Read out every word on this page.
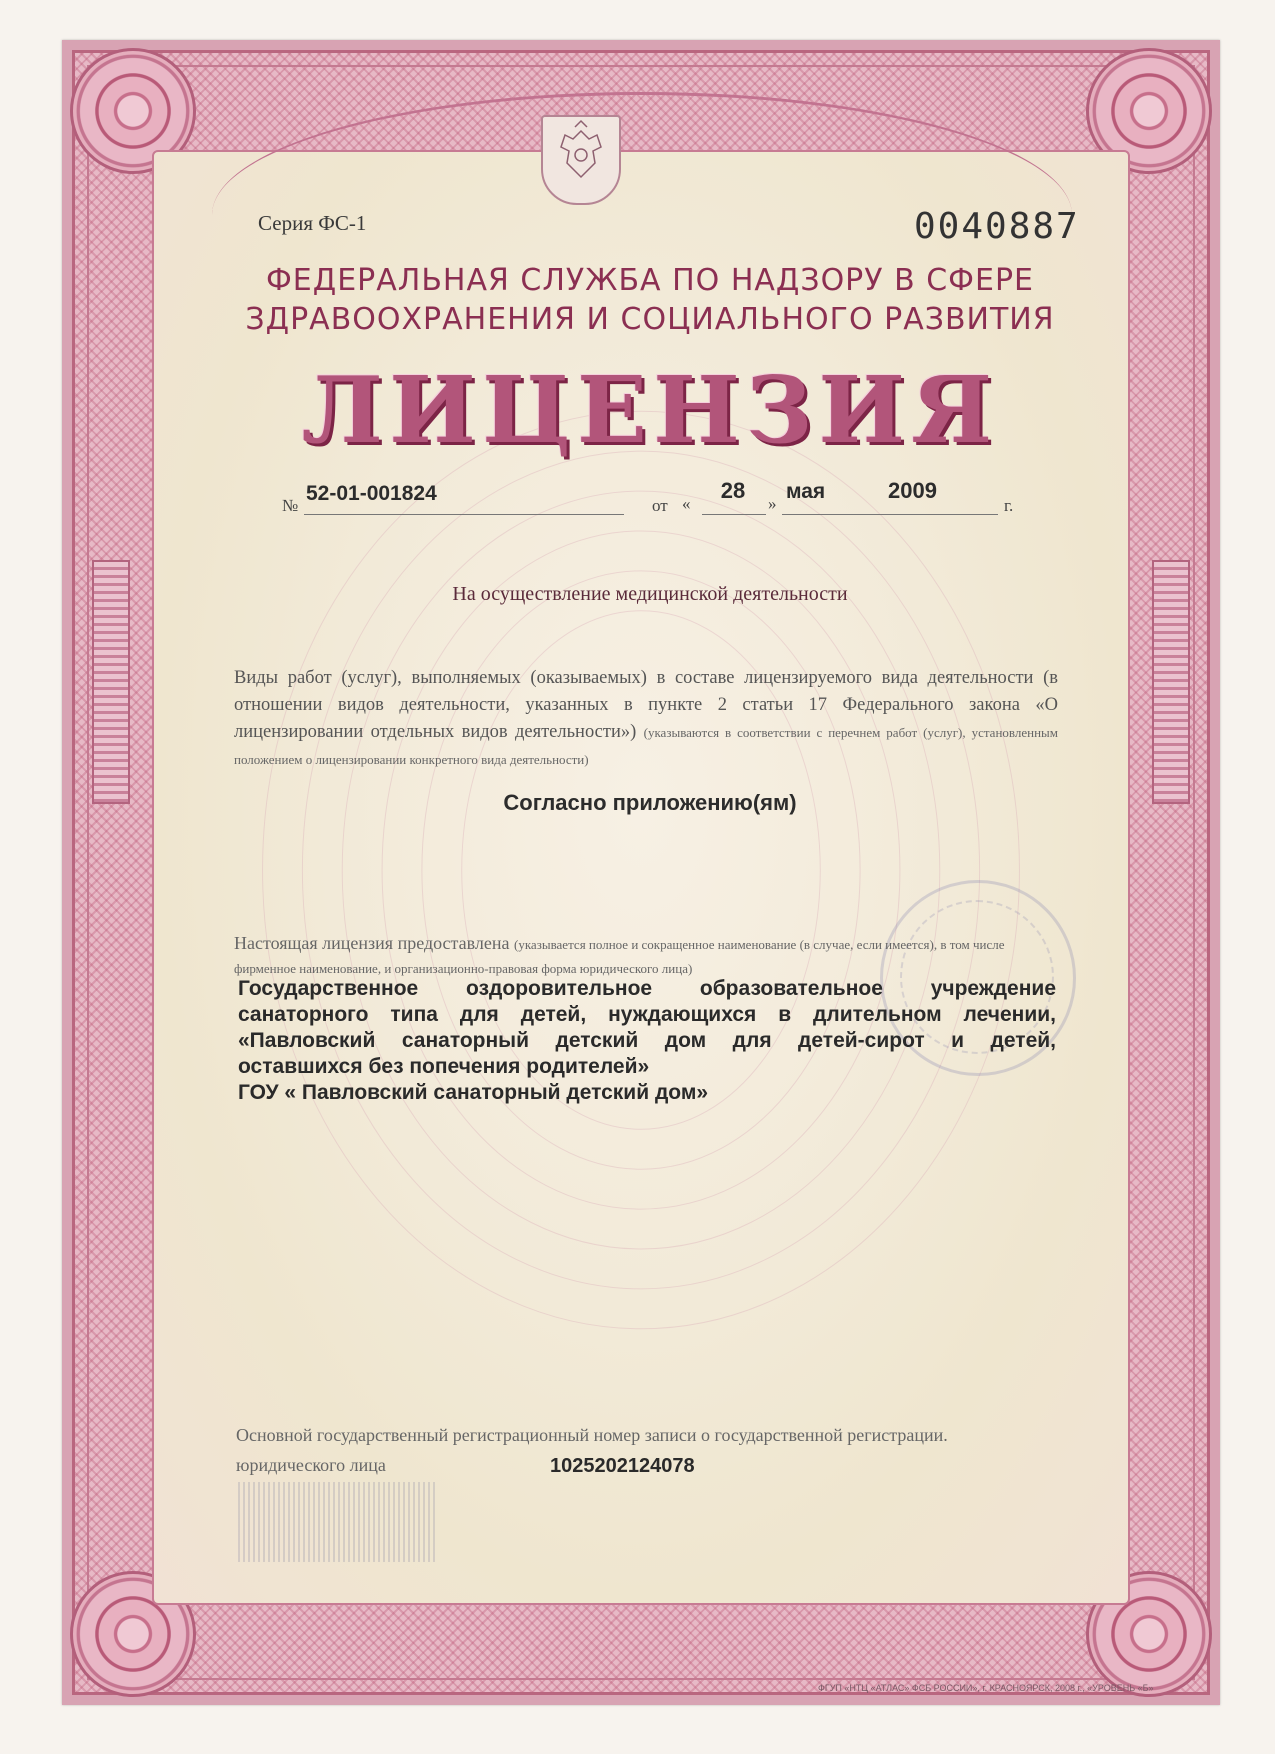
Серия ФС-1	0040887
ФЕДЕРАЛЬНАЯ СЛУЖБА ПО НАДЗОРУ В СФЕРЕ
ЗДРАВООХРАНЕНИЯ И СОЦИАЛЬНОГО РАЗВИТИЯ
ЛИЦЕНЗИЯ
№
52-01-001824
от «
28
»
мая	2009
г.
На осуществление медицинской деятельности
Виды работ (услуг), выполняемых (оказываемых) в составе лицензируемого вида деятельности (в отношении видов деятельности, указанных в пункте 2 статьи 17 Федерального закона «О лицензировании отдельных видов деятельности») (указываются в соответствии с перечнем работ (услуг), установленным положением о лицензировании конкретного вида деятельности)
Согласно приложению(ям)
Настоящая лицензия предоставлена (указывается полное и сокращенное наименование (в случае, если имеется), в том числе фирменное наименование, и организационно-правовая форма юридического лица)
Государственное оздоровительное образовательное учреждение
санаторного типа для детей, нуждающихся в длительном лечении,
«Павловский санаторный детский дом для детей-сирот и детей,
оставшихся без попечения родителей»
ГОУ « Павловский санаторный детский дом»
Основной государственный регистрационный номер записи о государственной регистрации.
юридического лица	1025202124078
ФГУП «НТЦ «АТЛАС» ФСБ РОССИИ», г. КРАСНОЯРСК, 2008 г., «УРОВЕНЬ «Б»
